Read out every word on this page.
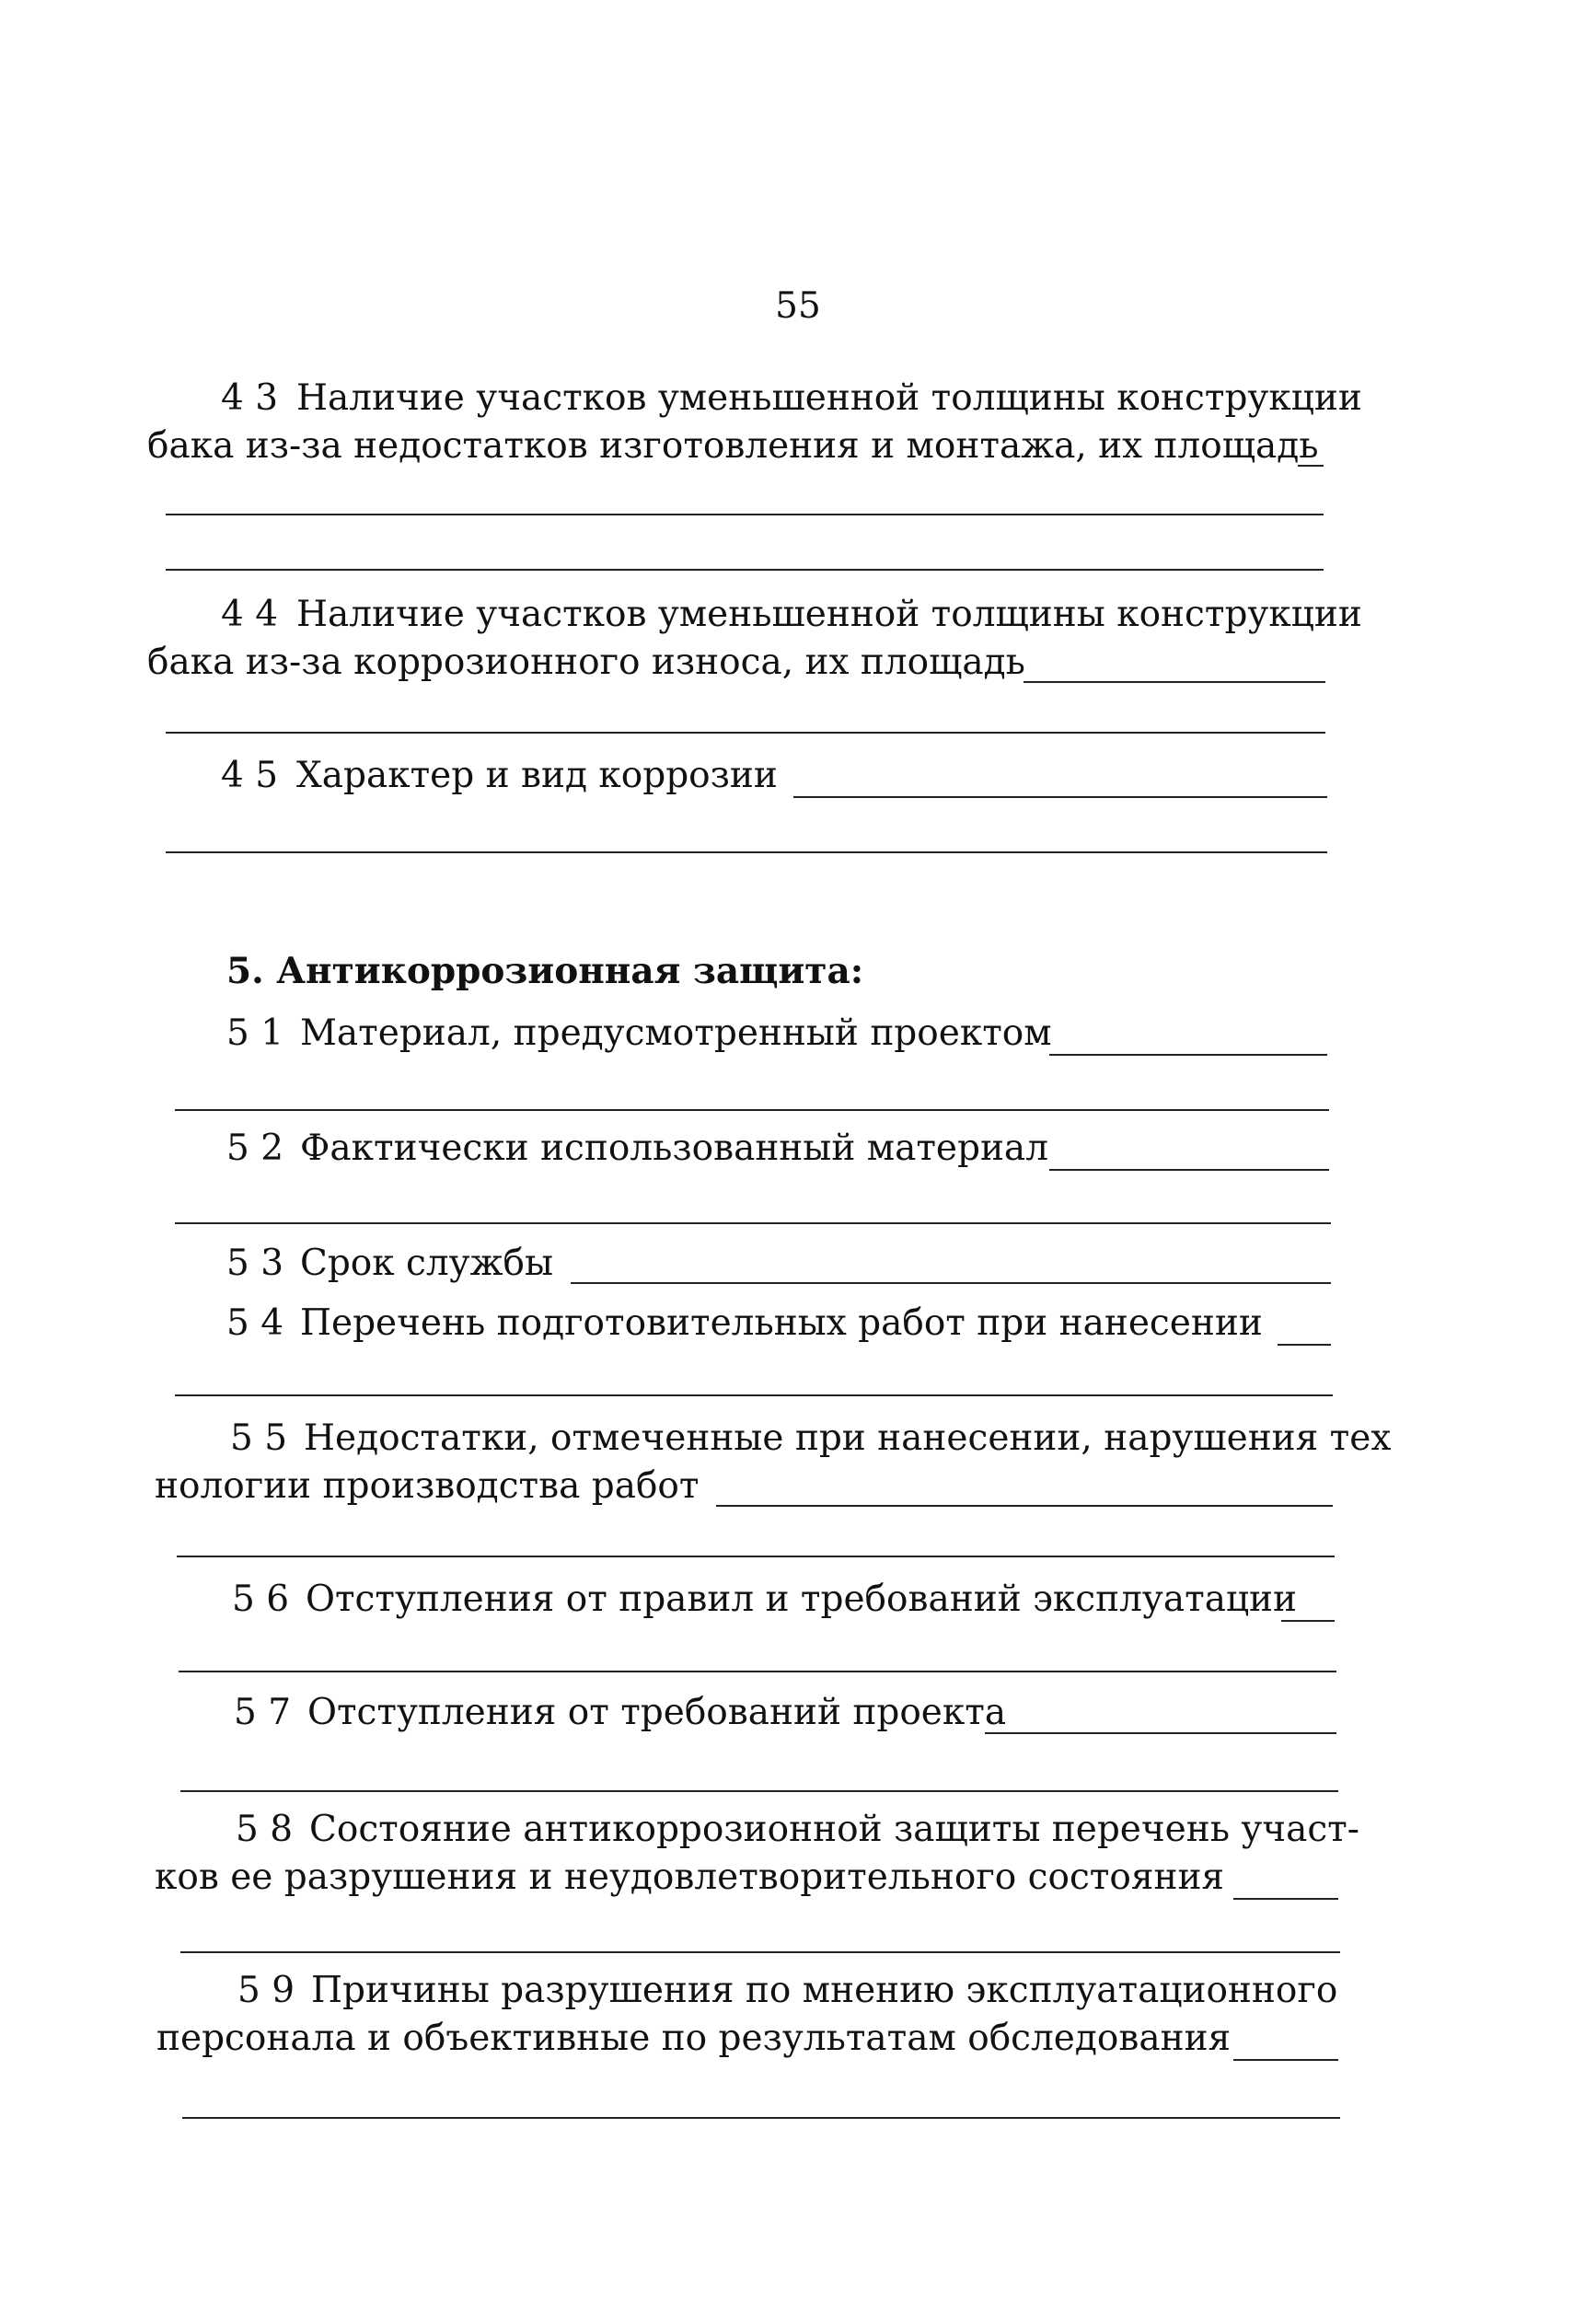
55
4 3 Наличие участков уменьшенной толщины конструкции
бака из-за недостатков изготовления и монтажа, их площадь
4 4 Наличие участков уменьшенной толщины конструкции
бака из-за коррозионного износа, их площадь
4 5 Характер и вид коррозии
5. Антикоррозионная защита:
5 1 Материал, предусмотренный проектом
5 2 Фактически использованный материал
5 3 Срок службы
5 4 Перечень подготовительных работ при нанесении
5 5 Недостатки, отмеченные при нанесении, нарушения тех
нологии производства работ
5 6 Отступления от правил и требований эксплуатации
5 7 Отступления от требований проекта
5 8 Состояние антикоррозионной защиты перечень участ-
ков ее разрушения и неудовлетворительного состояния
5 9 Причины разрушения по мнению эксплуатационного
персонала и объективные по результатам обследования
